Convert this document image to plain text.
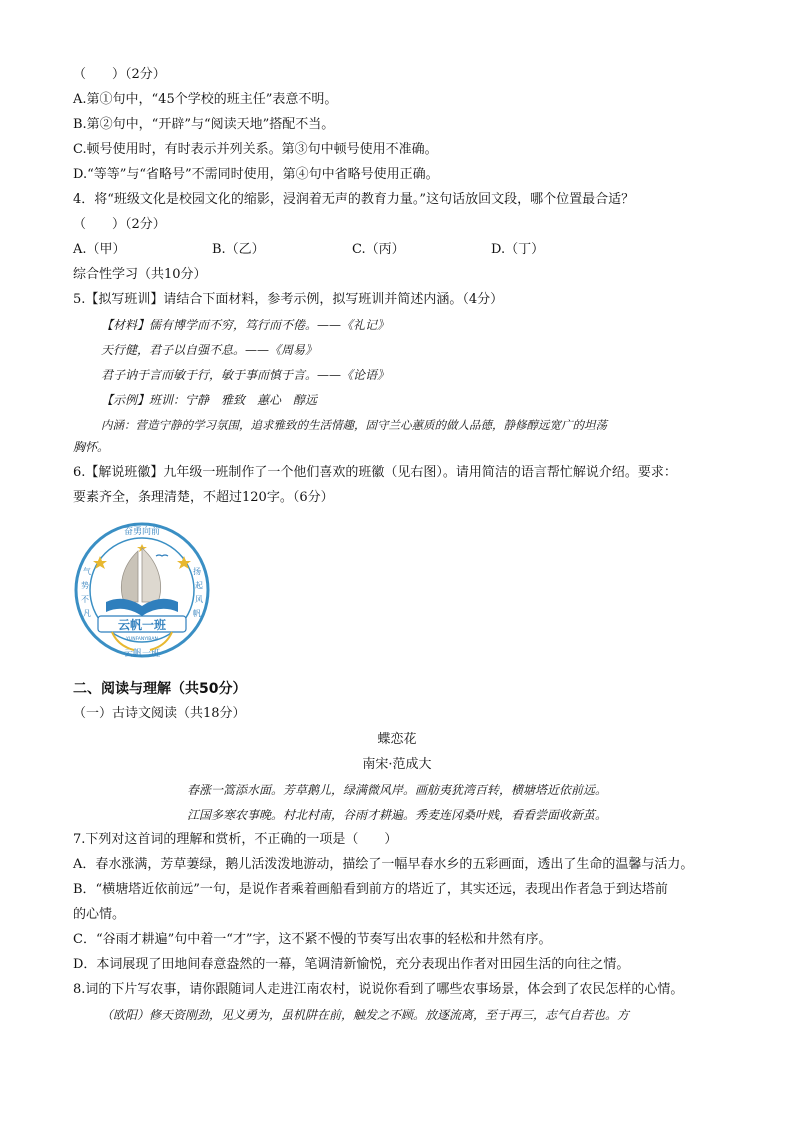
（　　）（2分）
A.第①句中，“45个学校的班主任”表意不明。
B.第②句中，“开辟”与“阅读天地”搭配不当。
C.顿号使用时，有时表示并列关系。第③句中顿号使用不准确。
D.“等等”与“省略号”不需同时使用，第④句中省略号使用正确。
4．将“班级文化是校园文化的缩影，浸润着无声的教育力量。”这句话放回文段，哪个位置最合适？
（　　）（2分）
A.（甲）	B.（乙）	C.（丙）	D.（丁）
综合性学习（共10分）
5.【拟写班训】请结合下面材料，参考示例，拟写班训并简述内涵。（4分）
【材料】儒有博学而不穷，笃行而不倦。——《礼记》
天行健，君子以自强不息。——《周易》
君子讷于言而敏于行，敏于事而慎于言。——《论语》
【示例】班训：宁静　雅致　蕙心　醇远
内涵：营造宁静的学习氛围，追求雅致的生活情趣，固守兰心蕙质的做人品德，静修醇远宽广的坦荡
胸怀。
6.【解说班徽】九年级一班制作了一个他们喜欢的班徽（见右图）。请用简洁的语言帮忙解说介绍。要求：
要素齐全，条理清楚，不超过120字。（6分）
奋勇向前
云帆一班
气
势
不
凡
扬
起
风
帆
云帆一班
YUNFANYIBAN
二、阅读与理解（共50分）
（一）古诗文阅读（共18分）
蝶恋花
南宋·范成大
春涨一篙添水面。芳草鹅儿，绿满微风岸。画舫夷犹湾百转，横塘塔近依前远。
江国多寒农事晚。村北村南，谷雨才耕遍。秀麦连冈桑叶贱，看看尝面收新茧。
7.下列对这首词的理解和赏析，不正确的一项是（　　）
A．春水涨满，芳草萋绿，鹅儿活泼泼地游动，描绘了一幅早春水乡的五彩画面，透出了生命的温馨与活力。
B．“横塘塔近依前远”一句，是说作者乘着画船看到前方的塔近了，其实还远，表现出作者急于到达塔前
的心情。
C．“谷雨才耕遍”句中着一“才”字，这不紧不慢的节奏写出农事的轻松和井然有序。
D．本词展现了田地间春意盎然的一幕，笔调清新愉悦，充分表现出作者对田园生活的向往之情。
8.词的下片写农事，请你跟随词人走进江南农村，说说你看到了哪些农事场景，体会到了农民怎样的心情。
（欧阳）修天资刚劲，见义勇为，虽机阱在前，触发之不顾。放逐流离，至于再三，志气自若也。方
